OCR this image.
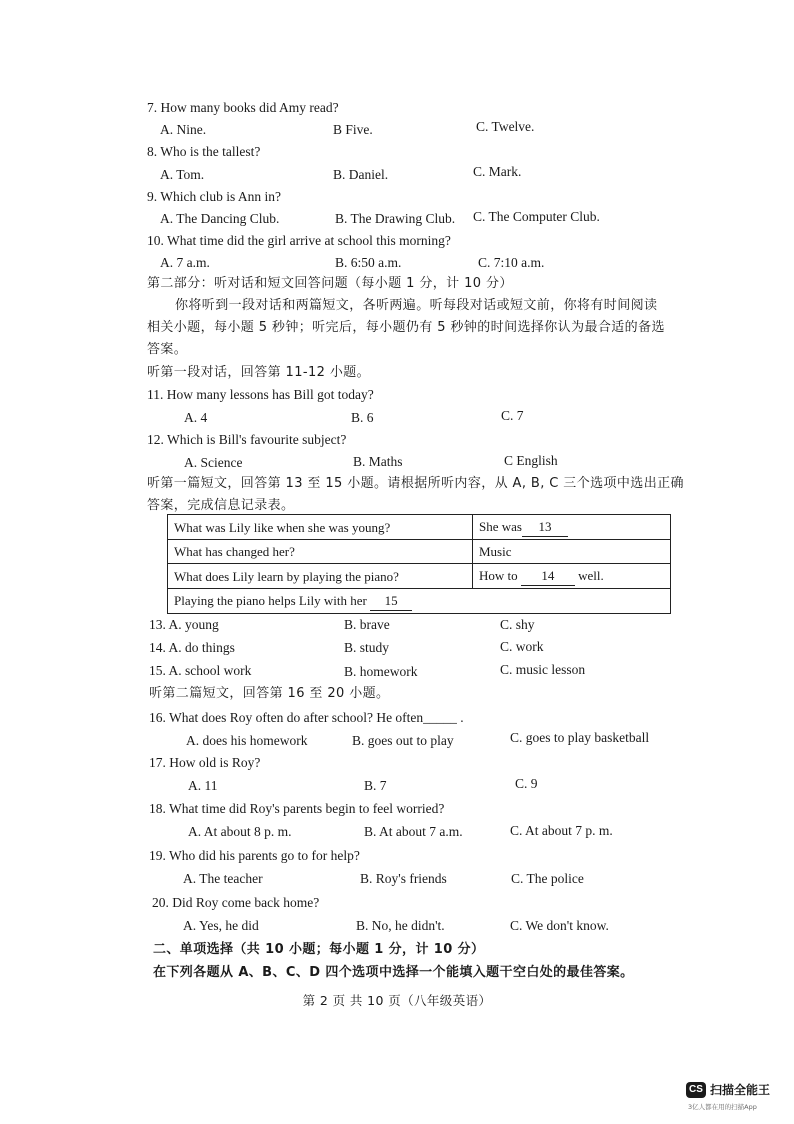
7. How many books did Amy read?
A. Nine.	B Five.	C. Twelve.
8. Who is the tallest?
A. Tom.	B. Daniel.	C. Mark.
9. Which club is Ann in?
A. The Dancing Club.	B. The Drawing Club. C. The Computer Club.
10. What time did the girl arrive at school this morning?
A. 7 a.m.	B. 6:50 a.m.	C. 7:10 a.m.
第二部分：听对话和短文回答问题（每小题 1 分，计 10 分）
你将听到一段对话和两篇短文，各听两遍。听每段对话或短文前，你将有时间阅读
相关小题，每小题 5 秒钟；听完后，每小题仍有 5 秒钟的时间选择你认为最合适的备选
答案。
听第一段对话，回答第 11-12 小题。
11. How many lessons has Bill got today?
A. 4	B. 6	C. 7
12. Which is Bill's favourite subject?
A. Science	B. Maths	C English
听第一篇短文，回答第 13 至 15 小题。请根据所听内容，从 A, B, C 三个选项中选出正确
答案，完成信息记录表。
What was Lily like when she was young?	She was 13
What has changed her?	Music
What does Lily learn by playing the piano?	How to 14 well.
Playing the piano helps Lily with her 15	
13. A. young	B. brave	C. shy
14. A. do things	B. study	C. work
15. A. school work	B. homework	C. music lesson
听第二篇短文，回答第 16 至 20 小题。
16. What does Roy often do after school? He often_____ .
A. does his homework	B. goes out to play	C. goes to play basketball
17. How old is Roy?
A. 11	B. 7	C. 9
18. What time did Roy's parents begin to feel worried?
A. At about 8 p. m.	B. At about 7 a.m.	C. At about 7 p. m.
19. Who did his parents go to for help?
A. The teacher	B. Roy's friends	C. The police
20. Did Roy come back home?
A. Yes, he did	B. No, he didn't.	C. We don't know.
二、单项选择（共 10 小题；每小题 1 分，计 10 分）
在下列各题从 A、B、C、D 四个选项中选择一个能填入题干空白处的最佳答案。
第 2 页 共 10 页（八年级英语）
CS 扫描全能王
3亿人都在用的扫描App
